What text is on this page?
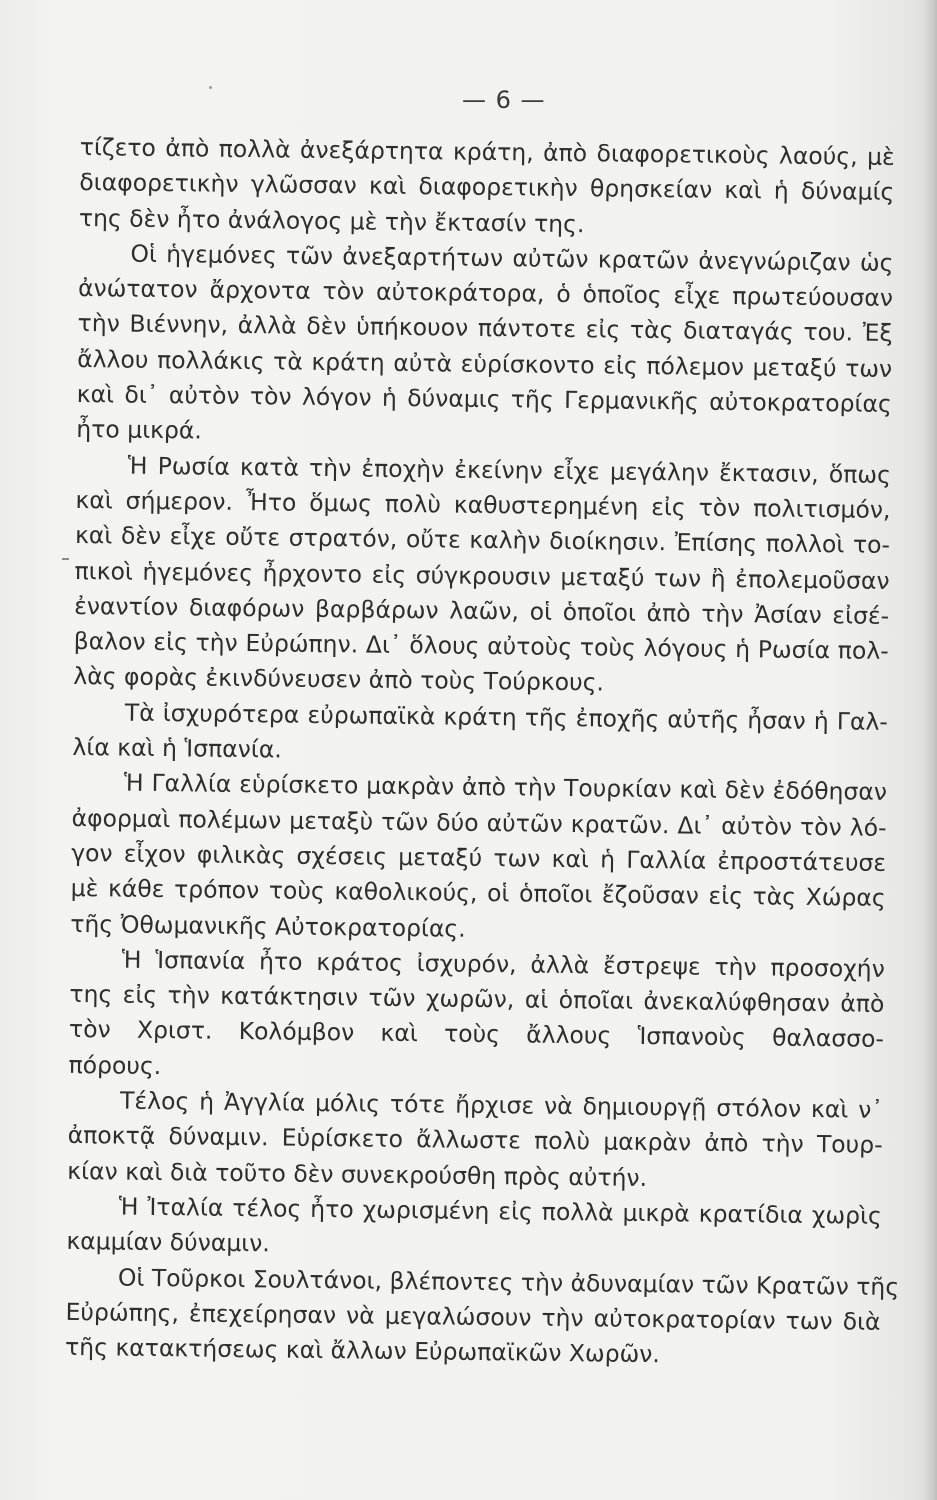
— 6 —
τίζετο ἀπὸ πολλὰ ἀνεξάρτητα κράτη, ἀπὸ διαφορετικοὺς λαούς, μὲ
διαφορετικὴν γλῶσσαν καὶ διαφορετικὴν θρησκείαν καὶ ἡ δύναμίς
της δὲν ἦτο ἀνάλογος μὲ τὴν ἔκτασίν της.
Οἱ ἡγεμόνες τῶν ἀνεξαρτήτων αὐτῶν κρατῶν ἀνεγνώριζαν ὡς
ἀνώτατον ἄρχοντα τὸν αὐτοκράτορα, ὁ ὁποῖος εἶχε πρωτεύουσαν
τὴν Βιέννην, ἀλλὰ δὲν ὑπήκουον πάντοτε εἰς τὰς διαταγάς του. Ἐξ
ἄλλου πολλάκις τὰ κράτη αὐτὰ εὑρίσκοντο εἰς πόλεμον μεταξύ των
καὶ δι᾽ αὐτὸν τὸν λόγον ἡ δύναμις τῆς Γερμανικῆς αὐτοκρατορίας
ἦτο μικρά.
Ἡ Ρωσία κατὰ τὴν ἐποχὴν ἐκείνην εἶχε μεγάλην ἔκτασιν, ὅπως
καὶ σήμερον. Ἦτο ὅμως πολὺ καθυστερημένη εἰς τὸν πολιτισμόν,
καὶ δὲν εἶχε οὔτε στρατόν, οὔτε καλὴν διοίκησιν. Ἐπίσης πολλοὶ το-
πικοὶ ἡγεμόνες ἦρχοντο εἰς σύγκρουσιν μεταξύ των ἢ ἐπολεμοῦσαν
ἐναντίον διαφόρων βαρβάρων λαῶν, οἱ ὁποῖοι ἀπὸ τὴν Ἀσίαν εἰσέ-
βαλον εἰς τὴν Εὐρώπην. Δι᾽ ὅλους αὐτοὺς τοὺς λόγους ἡ Ρωσία πολ-
λὰς φορὰς ἐκινδύνευσεν ἀπὸ τοὺς Τούρκους.
Τὰ ἰσχυρότερα εὐρωπαϊκὰ κράτη τῆς ἐποχῆς αὐτῆς ἦσαν ἡ Γαλ-
λία καὶ ἡ Ἱσπανία.
Ἡ Γαλλία εὑρίσκετο μακρὰν ἀπὸ τὴν Τουρκίαν καὶ δὲν ἐδόθησαν
ἀφορμαὶ πολέμων μεταξὺ τῶν δύο αὐτῶν κρατῶν. Δι᾽ αὐτὸν τὸν λό-
γον εἶχον φιλικὰς σχέσεις μεταξύ των καὶ ἡ Γαλλία ἐπροστάτευσε
μὲ κάθε τρόπον τοὺς καθολικούς, οἱ ὁποῖοι ἔζοῦσαν εἰς τὰς Χώρας
τῆς Ὀθωμανικῆς Αὐτοκρατορίας.
Ἡ Ἱσπανία ἦτο κράτος ἰσχυρόν, ἀλλὰ ἔστρεψε τὴν προσοχήν
της εἰς τὴν κατάκτησιν τῶν χωρῶν, αἱ ὁποῖαι ἀνεκαλύφθησαν ἀπὸ
τὸν Χριστ. Κολόμβον καὶ τοὺς ἄλλους Ἱσπανοὺς θαλασσο-
πόρους.
Τέλος ἡ Ἀγγλία μόλις τότε ἤρχισε νὰ δημιουργῇ στόλον καὶ ν᾽
ἀποκτᾷ δύναμιν. Εὑρίσκετο ἄλλωστε πολὺ μακρὰν ἀπὸ τὴν Τουρ-
κίαν καὶ διὰ τοῦτο δὲν συνεκρούσθη πρὸς αὐτήν.
Ἡ Ἰταλία τέλος ἦτο χωρισμένη εἰς πολλὰ μικρὰ κρατίδια χωρὶς
καμμίαν δύναμιν.
Οἱ Τοῦρκοι Σουλτάνοι, βλέποντες τὴν ἀδυναμίαν τῶν Κρατῶν τῆς
Εὐρώπης, ἐπεχείρησαν νὰ μεγαλώσουν τὴν αὐτοκρατορίαν των διὰ
τῆς κατακτήσεως καὶ ἄλλων Εὐρωπαϊκῶν Χωρῶν.
